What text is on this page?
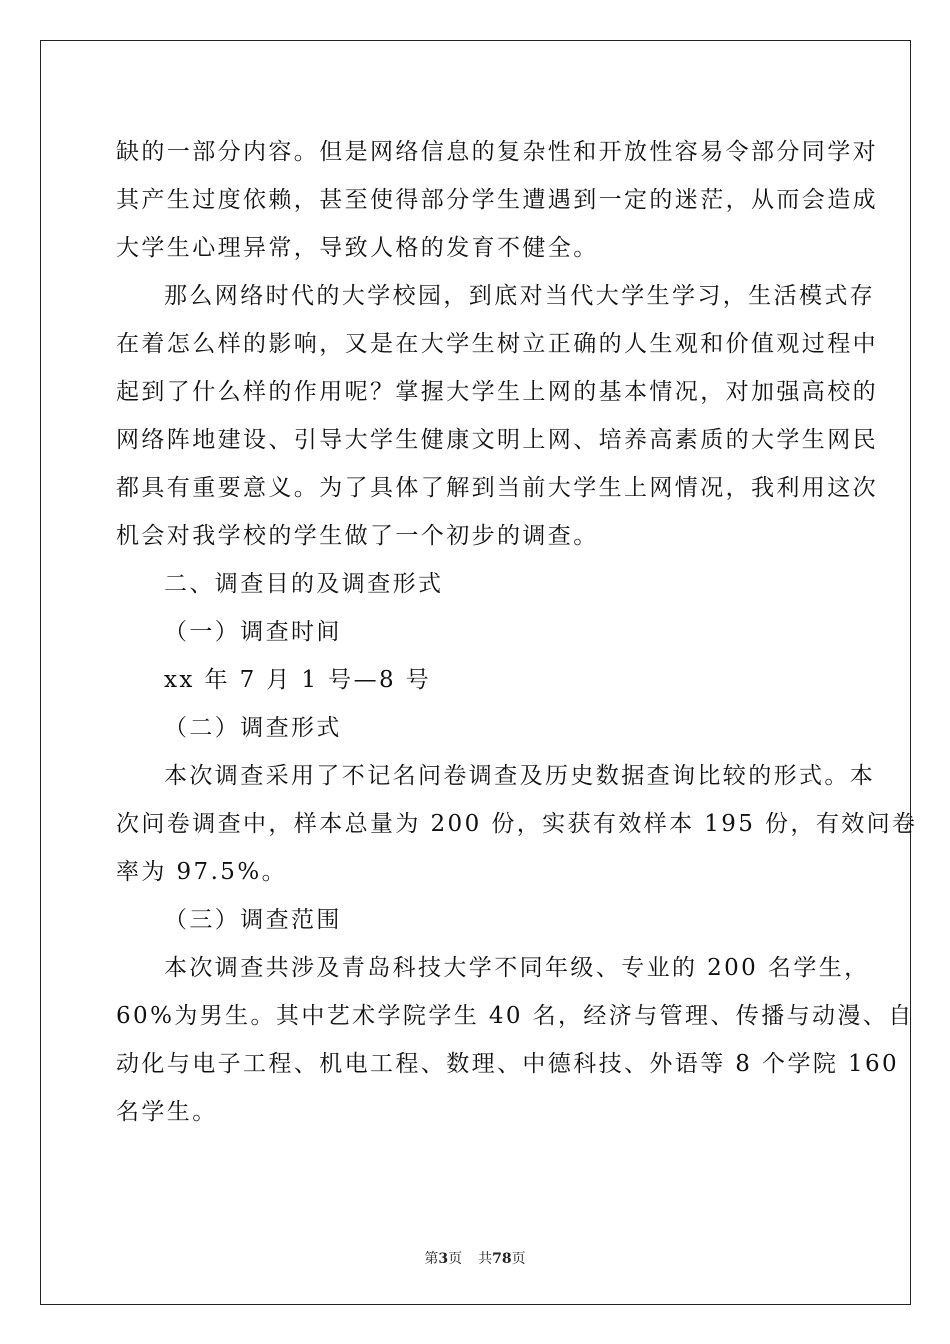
缺的一部分内容。但是网络信息的复杂性和开放性容易令部分同学对
其产生过度依赖，甚至使得部分学生遭遇到一定的迷茫，从而会造成
大学生心理异常，导致人格的发育不健全。
那么网络时代的大学校园，到底对当代大学生学习，生活模式存
在着怎么样的影响，又是在大学生树立正确的人生观和价值观过程中
起到了什么样的作用呢？掌握大学生上网的基本情况，对加强高校的
网络阵地建设、引导大学生健康文明上网、培养高素质的大学生网民
都具有重要意义。为了具体了解到当前大学生上网情况，我利用这次
机会对我学校的学生做了一个初步的调查。
二、调查目的及调查形式
（一）调查时间
xx 年 7 月 1 号—8 号
（二）调查形式
本次调查采用了不记名问卷调查及历史数据查询比较的形式。本
次问卷调查中，样本总量为 200 份，实获有效样本 195 份，有效问卷
率为 97.5%。
（三）调查范围
本次调查共涉及青岛科技大学不同年级、专业的 200 名学生，
60%为男生。其中艺术学院学生 40 名，经济与管理、传播与动漫、自
动化与电子工程、机电工程、数理、中德科技、外语等 8 个学院 160
名学生。
第3页 共78页
